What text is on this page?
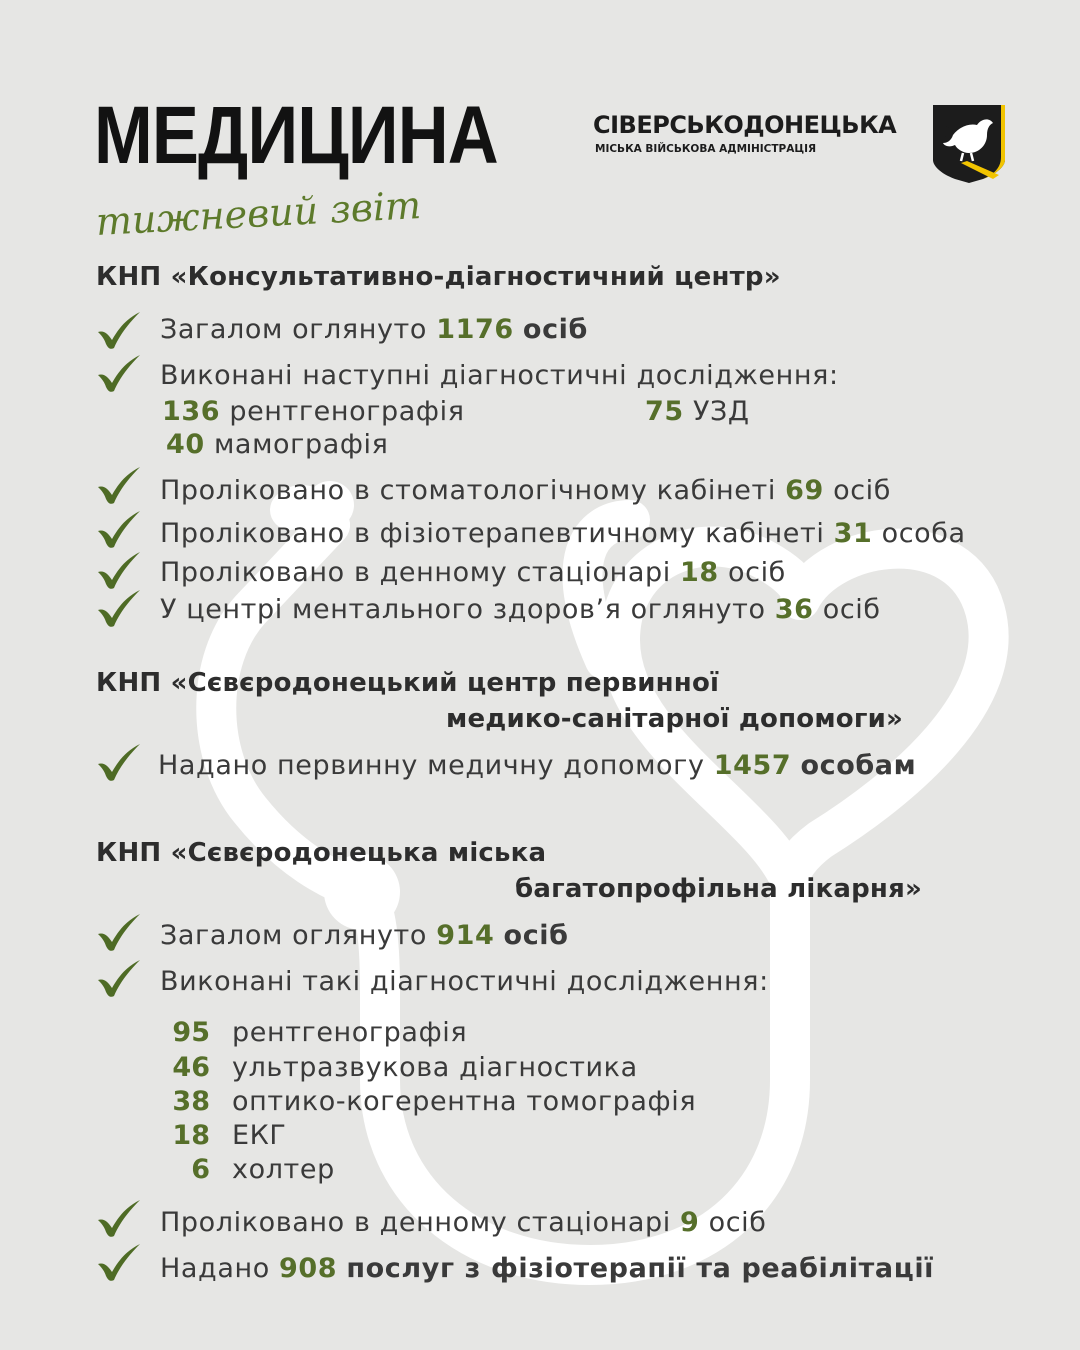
МЕДИЦИНА
тижневий звіт
СІВЕРСЬКОДОНЕЦЬКА
МІСЬКА ВІЙСЬКОВА АДМІНІСТРАЦІЯ
КНП «Консультативно-діагностичний центр»
Загалом оглянуто 1176 осіб
Виконані наступні діагностичні дослідження:
136 рентгенографія	75 УЗД
40 мамографія
Проліковано в стоматологічному кабінеті 69 осіб
Проліковано в фізіотерапевтичному кабінеті 31 особа
Проліковано в денному стаціонарі 18 осіб
У центрі ментального здоров’я оглянуто 36 осіб
КНП «Сєвєродонецький центр первинної
медико-санітарної допомоги»
Надано первинну медичну допомогу 1457 особам
КНП «Сєвєродонецька міська
багатопрофільна лікарня»
Загалом оглянуто 914 осіб
Виконані такі діагностичні дослідження:
95 рентгенографія
46 ультразвукова діагностика
38 оптико-когерентна томографія
18 ЕКГ
6 холтер
Проліковано в денному стаціонарі 9 осіб
Надано 908 послуг з фізіотерапії та реабілітації
